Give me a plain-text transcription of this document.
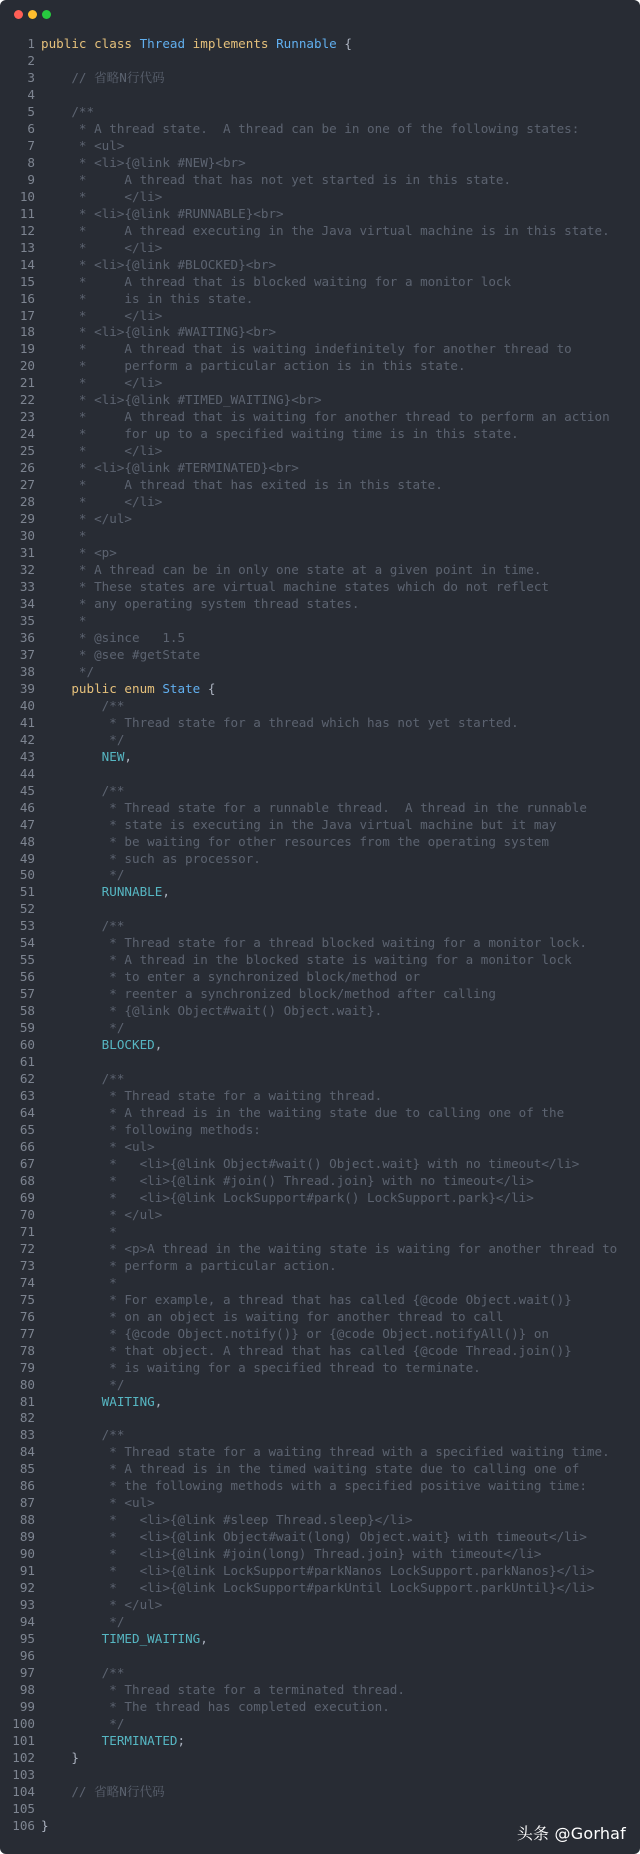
1 public class Thread implements Runnable {
2
3 // 省略N行代码
4
5 /**
6 * A thread state.  A thread can be in one of the following states:
7 * <ul>
8 * <li>{@link #NEW}<br>
9 *     A thread that has not yet started is in this state.
10 *     </li>
11 * <li>{@link #RUNNABLE}<br>
12 *     A thread executing in the Java virtual machine is in this state.
13 *     </li>
14 * <li>{@link #BLOCKED}<br>
15 *     A thread that is blocked waiting for a monitor lock
16 *     is in this state.
17 *     </li>
18 * <li>{@link #WAITING}<br>
19 *     A thread that is waiting indefinitely for another thread to
20 *     perform a particular action is in this state.
21 *     </li>
22 * <li>{@link #TIMED_WAITING}<br>
23 *     A thread that is waiting for another thread to perform an action
24 *     for up to a specified waiting time is in this state.
25 *     </li>
26 * <li>{@link #TERMINATED}<br>
27 *     A thread that has exited is in this state.
28 *     </li>
29 * </ul>
30 *
31 * <p>
32 * A thread can be in only one state at a given point in time.
33 * These states are virtual machine states which do not reflect
34 * any operating system thread states.
35 *
36 * @since   1.5
37 * @see #getState
38 */
39 public enum State {
40 /**
41 * Thread state for a thread which has not yet started.
42 */
43	NEW,
44
45 /**
46 * Thread state for a runnable thread.  A thread in the runnable
47 * state is executing in the Java virtual machine but it may
48 * be waiting for other resources from the operating system
49 * such as processor.
50 */
51	RUNNABLE,
52
53 /**
54 * Thread state for a thread blocked waiting for a monitor lock.
55 * A thread in the blocked state is waiting for a monitor lock
56 * to enter a synchronized block/method or
57 * reenter a synchronized block/method after calling
58 * {@link Object#wait() Object.wait}.
59 */
60	BLOCKED,
61
62 /**
63 * Thread state for a waiting thread.
64 * A thread is in the waiting state due to calling one of the
65 * following methods:
66 * <ul>
67 *   <li>{@link Object#wait() Object.wait} with no timeout</li>
68 *   <li>{@link #join() Thread.join} with no timeout</li>
69 *   <li>{@link LockSupport#park() LockSupport.park}</li>
70 * </ul>
71 *
72 * <p>A thread in the waiting state is waiting for another thread to
73 * perform a particular action.
74 *
75 * For example, a thread that has called {@code Object.wait()}
76 * on an object is waiting for another thread to call
77 * {@code Object.notify()} or {@code Object.notifyAll()} on
78 * that object. A thread that has called {@code Thread.join()}
79 * is waiting for a specified thread to terminate.
80 */
81	WAITING,
82
83 /**
84 * Thread state for a waiting thread with a specified waiting time.
85 * A thread is in the timed waiting state due to calling one of
86 * the following methods with a specified positive waiting time:
87 * <ul>
88 *   <li>{@link #sleep Thread.sleep}</li>
89 *   <li>{@link Object#wait(long) Object.wait} with timeout</li>
90 *   <li>{@link #join(long) Thread.join} with timeout</li>
91 *   <li>{@link LockSupport#parkNanos LockSupport.parkNanos}</li>
92 *   <li>{@link LockSupport#parkUntil LockSupport.parkUntil}</li>
93 * </ul>
94 */
95	TIMED_WAITING,
96
97 /**
98 * Thread state for a terminated thread.
99 * The thread has completed execution.
100 */
101	TERMINATED;
102 }
103
104 // 省略N行代码
105
106 }	头条 @Gorhaf
